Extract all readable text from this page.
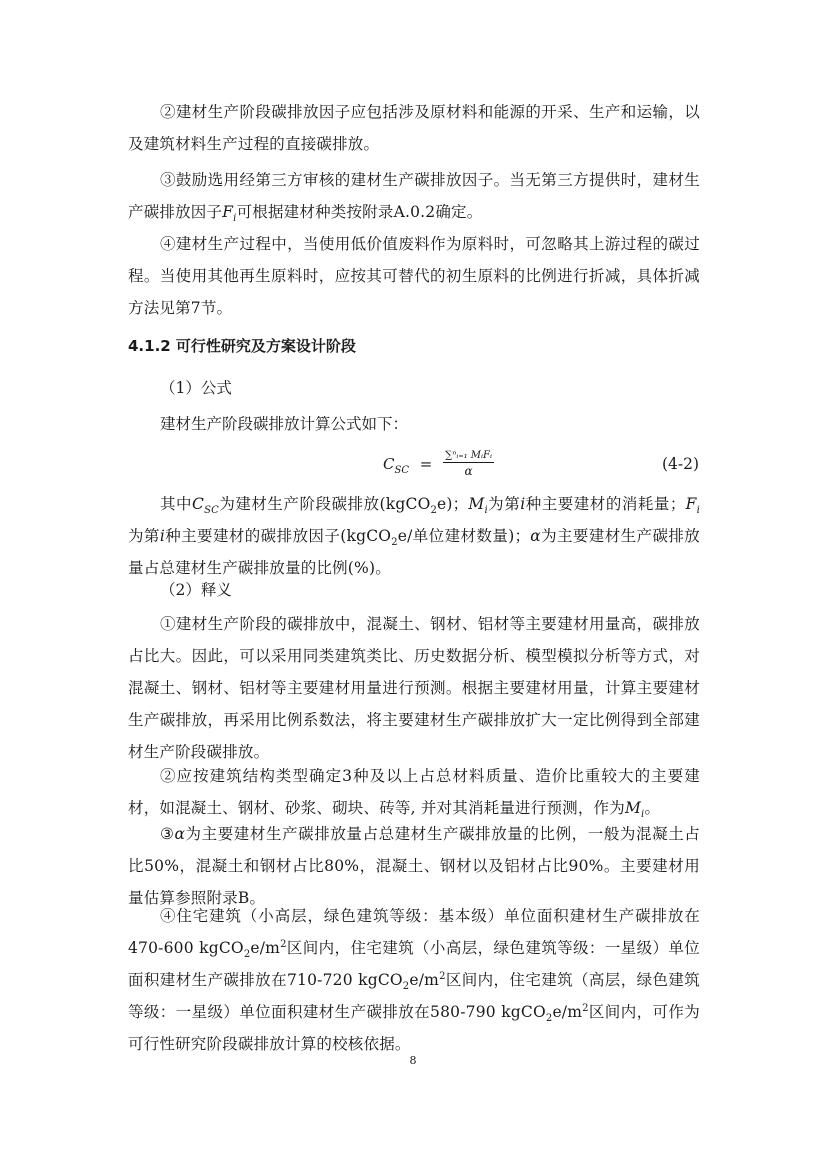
②建材生产阶段碳排放因子应包括涉及原材料和能源的开采、生产和运输，以及建筑材料生产过程的直接碳排放。

③鼓励选用经第三方审核的建材生产碳排放因子。当无第三方提供时，建材生产碳排放因子$F_i$可根据建材种类按附录A.0.2确定。

④建材生产过程中，当使用低价值废料作为原料时，可忽略其上游过程的碳过程。当使用其他再生原料时，应按其可替代的初生原料的比例进行折减，具体折减方法见第7节。

4.1.2 可行性研究及方案设计阶段

（1）公式

建材生产阶段碳排放计算公式如下：

$C_{SC} = \frac{\text{∑ⁿᵢ₌₁ MᵢFᵢ}}{\alpha}$	(4-2)

其中$C_{SC}$为建材生产阶段碳排放(kgCO$_2$e)；$M_i$为第i种主要建材的消耗量；$F_i$为第i种主要建材的碳排放因子(kgCO$_2$e/单位建材数量)；α为主要建材生产碳排放量占总建材生产碳排放量的比例(%)。

（2）释义

①建材生产阶段的碳排放中，混凝土、钢材、铝材等主要建材用量高，碳排放占比大。因此，可以采用同类建筑类比、历史数据分析、模型模拟分析等方式，对混凝土、钢材、铝材等主要建材用量进行预测。根据主要建材用量，计算主要建材生产碳排放，再采用比例系数法，将主要建材生产碳排放扩大一定比例得到全部建材生产阶段碳排放。

②应按建筑结构类型确定3种及以上占总材料质量、造价比重较大的主要建材，如混凝土、钢材、砂浆、砌块、砖等, 并对其消耗量进行预测，作为$M_i$。

③α为主要建材生产碳排放量占总建材生产碳排放量的比例，一般为混凝土占比50%，混凝土和钢材占比80%，混凝土、钢材以及铝材占比90%。主要建材用量估算参照附录B。

④住宅建筑（小高层，绿色建筑等级：基本级）单位面积建材生产碳排放在470-600 $kgCO_2e/m^2$区间内，住宅建筑（小高层，绿色建筑等级：一星级）单位面积建材生产碳排放在710-720 $kgCO_2e/m^2$区间内，住宅建筑（高层，绿色建筑等级：一星级）单位面积建材生产碳排放在580-790 $kgCO_2e/m^2$区间内，可作为可行性研究阶段碳排放计算的校核依据。

8
